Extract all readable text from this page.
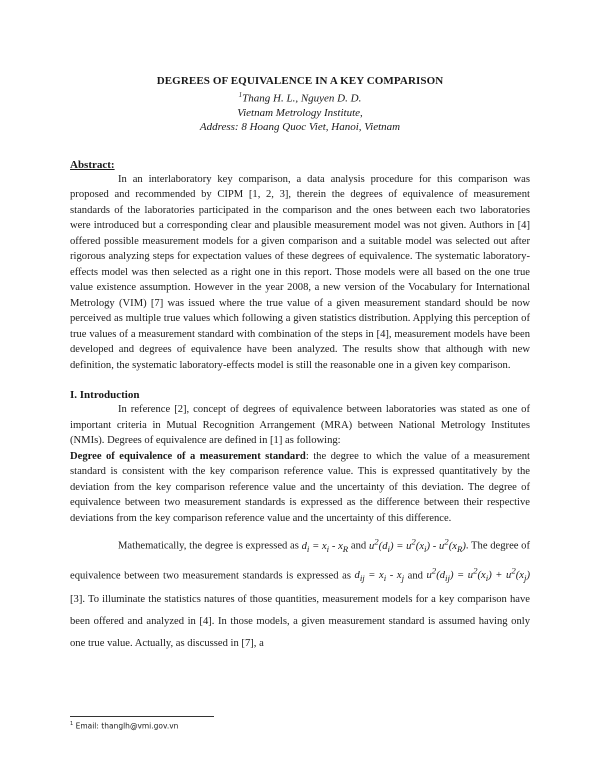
DEGREES OF EQUIVALENCE IN A KEY COMPARISON
$^1$Thang H. L., Nguyen D. D.
Vietnam Metrology Institute,
Address: 8 Hoang Quoc Viet, Hanoi, Vietnam
Abstract:
In an interlaboratory key comparison, a data analysis procedure for this comparison was proposed and recommended by CIPM [1, 2, 3], therein the degrees of equivalence of measurement standards of the laboratories participated in the comparison and the ones between each two laboratories were introduced but a corresponding clear and plausible measurement model was not given. Authors in [4] offered possible measurement models for a given comparison and a suitable model was selected out after rigorous analyzing steps for expectation values of these degrees of equivalence. The systematic laboratory-effects model was then selected as a right one in this report. Those models were all based on the one true value existence assumption. However in the year 2008, a new version of the Vocabulary for International Metrology (VIM) [7] was issued where the true value of a given measurement standard should be now perceived as multiple true values which following a given statistics distribution. Applying this perception of true values of a measurement standard with combination of the steps in [4], measurement models have been developed and degrees of equivalence have been analyzed. The results show that although with new definition, the systematic laboratory-effects model is still the reasonable one in a given key comparison.
I. Introduction
In reference [2], concept of degrees of equivalence between laboratories was stated as one of important criteria in Mutual Recognition Arrangement (MRA) between National Metrology Institutes (NMIs). Degrees of equivalence are defined in [1] as following:
Degree of equivalence of a measurement standard: the degree to which the value of a measurement standard is consistent with the key comparison reference value. This is expressed quantitatively by the deviation from the key comparison reference value and the uncertainty of this deviation. The degree of equivalence between two measurement standards is expressed as the difference between their respective deviations from the key comparison reference value and the uncertainty of this difference.
Mathematically, the degree is expressed as $d_i = x_i - x_R$ and $u^2(d_i) = u^2(x_i) - u^2(x_R)$. The degree of equivalence between two measurement standards is expressed as $d_{ij} = x_i - x_j$ and $u^2(d_{ij}) = u^2(x_i) + u^2(x_j)$ [3]. To illuminate the statistics natures of those quantities, measurement models for a key comparison have been offered and analyzed in [4]. In those models, a given measurement standard is assumed having only one true value. Actually, as discussed in [7], a
$^1$ Email: thanglh@vmi.gov.vn
